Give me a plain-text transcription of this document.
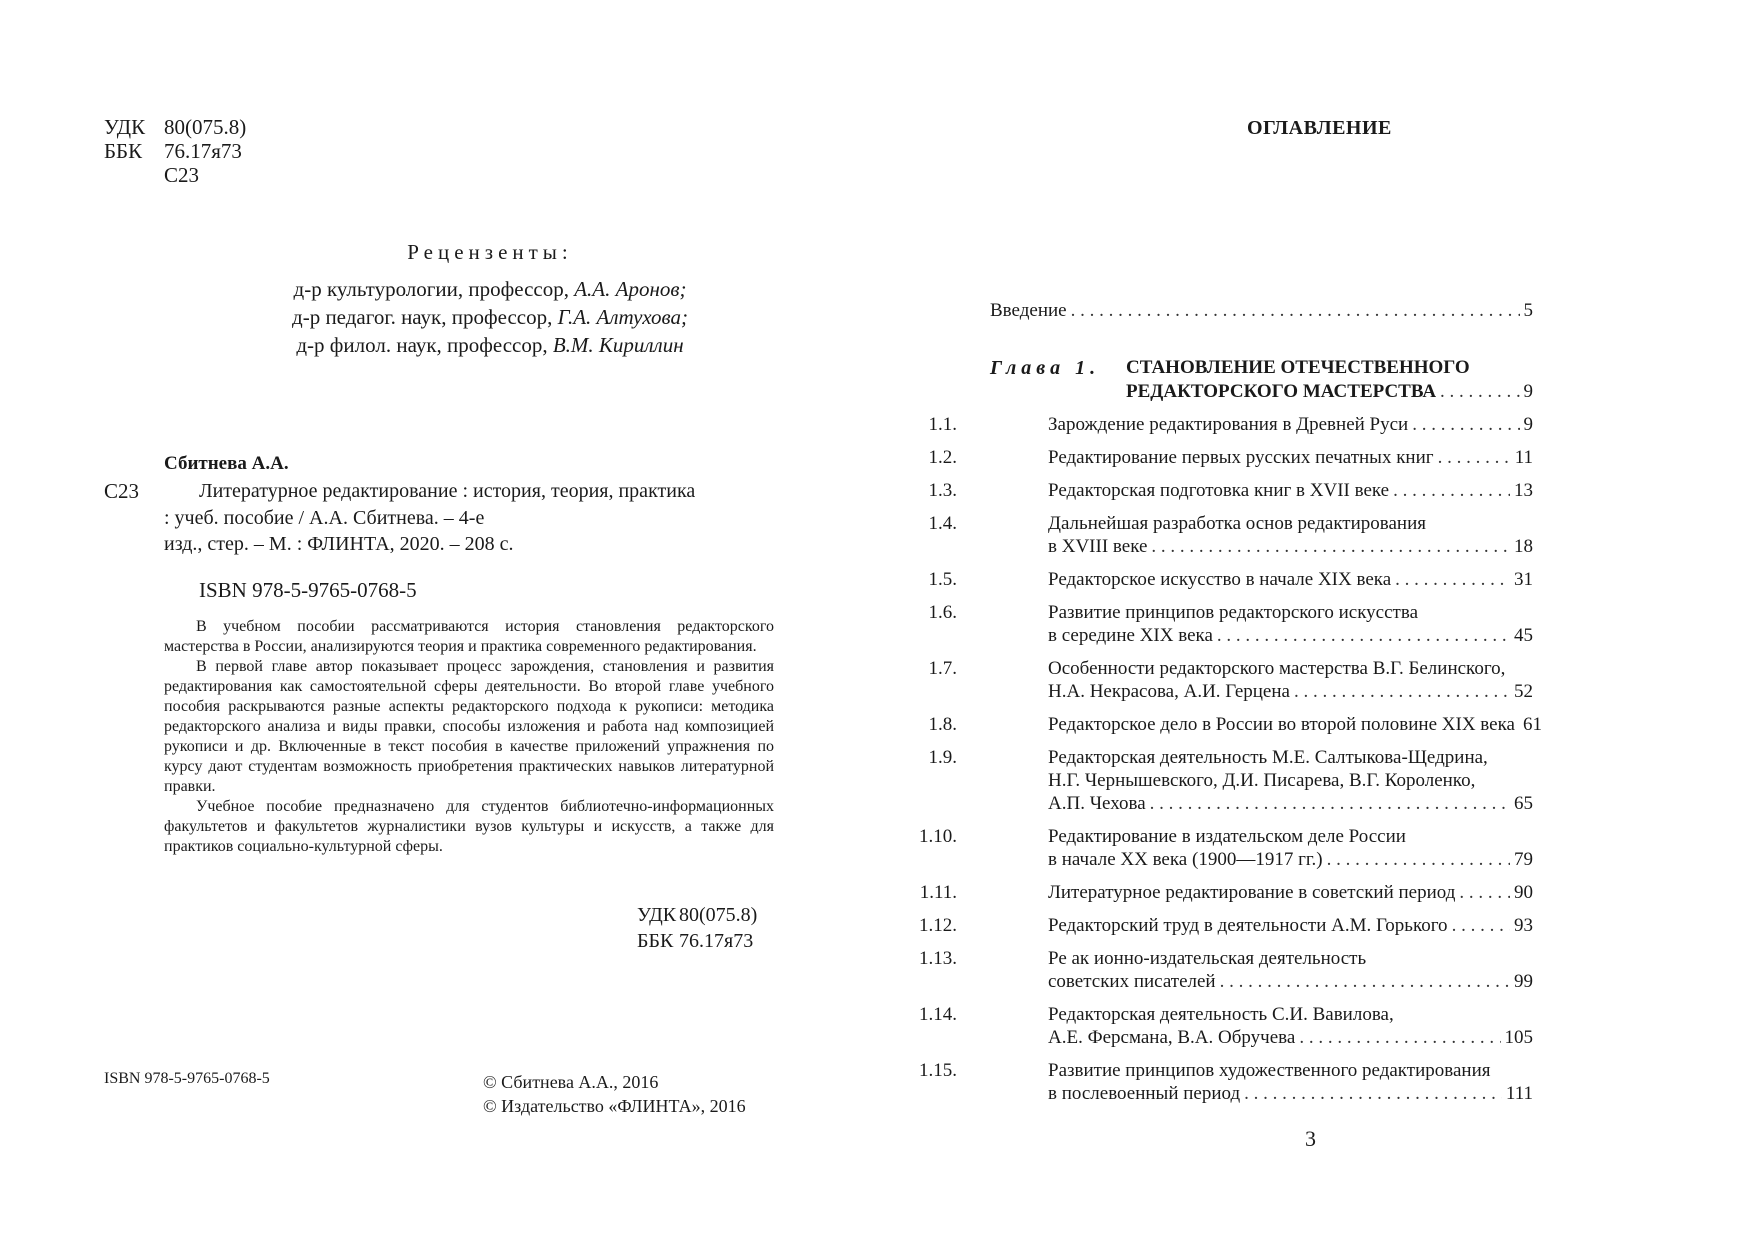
УДК 80(075.8)
ББК 76.17я73
С23
Рецензенты:
д-р культурологии, профессор, А.А. Аронов;
д-р педагог. наук, профессор, Г.А. Алтухова;
д-р филол. наук, профессор, В.М. Кириллин
Сбитнева А.А.
С23	Литературное редактирование : история, теория, практика
: учеб. пособие / А.А. Сбитнева. – 4-е
изд., стер. – М. : ФЛИНТА, 2020. – 208 с.
ISBN 978-5-9765-0768-5

В учебном пособии рассматриваются история становления редакторского мастерства в России, анализируются теория и практика современного редактирования.

В первой главе автор показывает процесс зарождения, становления и развития редактирования как самостоятельной сферы деятельности. Во второй главе учебного пособия раскрываются разные аспекты редакторского подхода к рукописи: методика редакторского анализа и виды правки, способы изложения и работа над композицией рукописи и др. Включенные в текст пособия в качестве приложений упражнения по курсу дают студентам возможность приобретения практических навыков литературной правки.

Учебное пособие предназначено для студентов библиотечно-информационных факультетов и факультетов журналистики вузов культуры и искусств, а также для практиков социально-культурной сферы.

УДК 80(075.8)
ББК 76.17я73
ISBN 978-5-9765-0768-5	© Сбитнева А.А., 2016
© Издательство «ФЛИНТА», 2016
ОГЛАВЛЕНИЕ
Введение . . .	5
Глава 1. СТАНОВЛЕНИЕ ОТЕЧЕСТВЕННОГО
РЕДАКТОРСКОГО МАСТЕРСТВА . . .	9
1.1.	Зарождение редактирования в Древней Руси . . .	9
1.2.	Редактирование первых русских печатных книг . . .	11
1.3.	Редакторская подготовка книг в XVII веке . . .	13
1.4.	Дальнейшая разработка основ редактирования
в XVIII веке . . .	18
1.5.	Редакторское искусство в начале XIX века . . .	31
1.6.	Развитие принципов редакторского искусства
в середине XIX века . . .	45
1.7.	Особенности редакторского мастерства В.Г. Белинского,
Н.А. Некрасова, А.И. Герцена . . .	52
1.8.	Редакторское дело в России во второй половине XIX века 61
1.9.	Редакторская деятельность М.Е. Салтыкова-Щедрина,
Н.Г. Чернышевского, Д.И. Писарева, В.Г. Короленко,
А.П. Чехова . . .	65
1.10.	Редактирование в издательском деле России
в начале XX века (1900—1917 гг.) . . .	79
1.11.	Литературное редактирование в советский период . . .	90
1.12.	Редакторский труд в деятельности А.М. Горького . . .	93
1.13.	Ре ак ионно-издательская деятельность
советских писателей . . .	99
1.14.	Редакторская деятельность С.И. Вавилова,
А.Е. Ферсмана, В.А. Обручева . . .	105
1.15.	Развитие принципов художественного редактирования
в послевоенный период . . .	111
3
